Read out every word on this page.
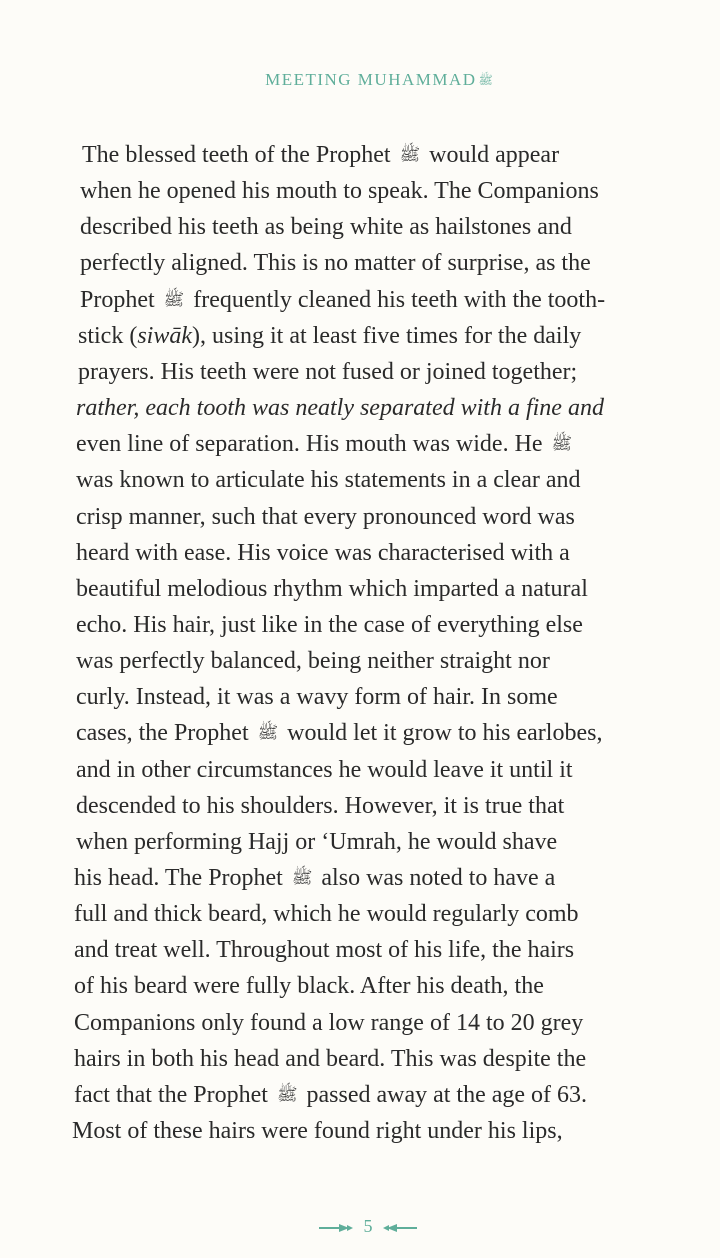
MEETING MUHAMMAD ﷺ
The blessed teeth of the Prophet ﷺ would appear
when he opened his mouth to speak. The Companions
described his teeth as being white as hailstones and
perfectly aligned. This is no matter of surprise, as the
Prophet ﷺ frequently cleaned his teeth with the tooth-
stick (siwāk), using it at least five times for the daily
prayers. His teeth were not fused or joined together;
rather, each tooth was neatly separated with a fine and
even line of separation. His mouth was wide. He ﷺ
was known to articulate his statements in a clear and
crisp manner, such that every pronounced word was
heard with ease. His voice was characterised with a
beautiful melodious rhythm which imparted a natural
echo. His hair, just like in the case of everything else
was perfectly balanced, being neither straight nor
curly. Instead, it was a wavy form of hair. In some
cases, the Prophet ﷺ would let it grow to his earlobes,
and in other circumstances he would leave it until it
descended to his shoulders. However, it is true that
when performing Hajj or ‘Umrah, he would shave
his head. The Prophet ﷺ also was noted to have a
full and thick beard, which he would regularly comb
and treat well. Throughout most of his life, the hairs
of his beard were fully black. After his death, the
Companions only found a low range of 14 to 20 grey
hairs in both his head and beard. This was despite the
fact that the Prophet ﷺ passed away at the age of 63.
Most of these hairs were found right under his lips,
5
